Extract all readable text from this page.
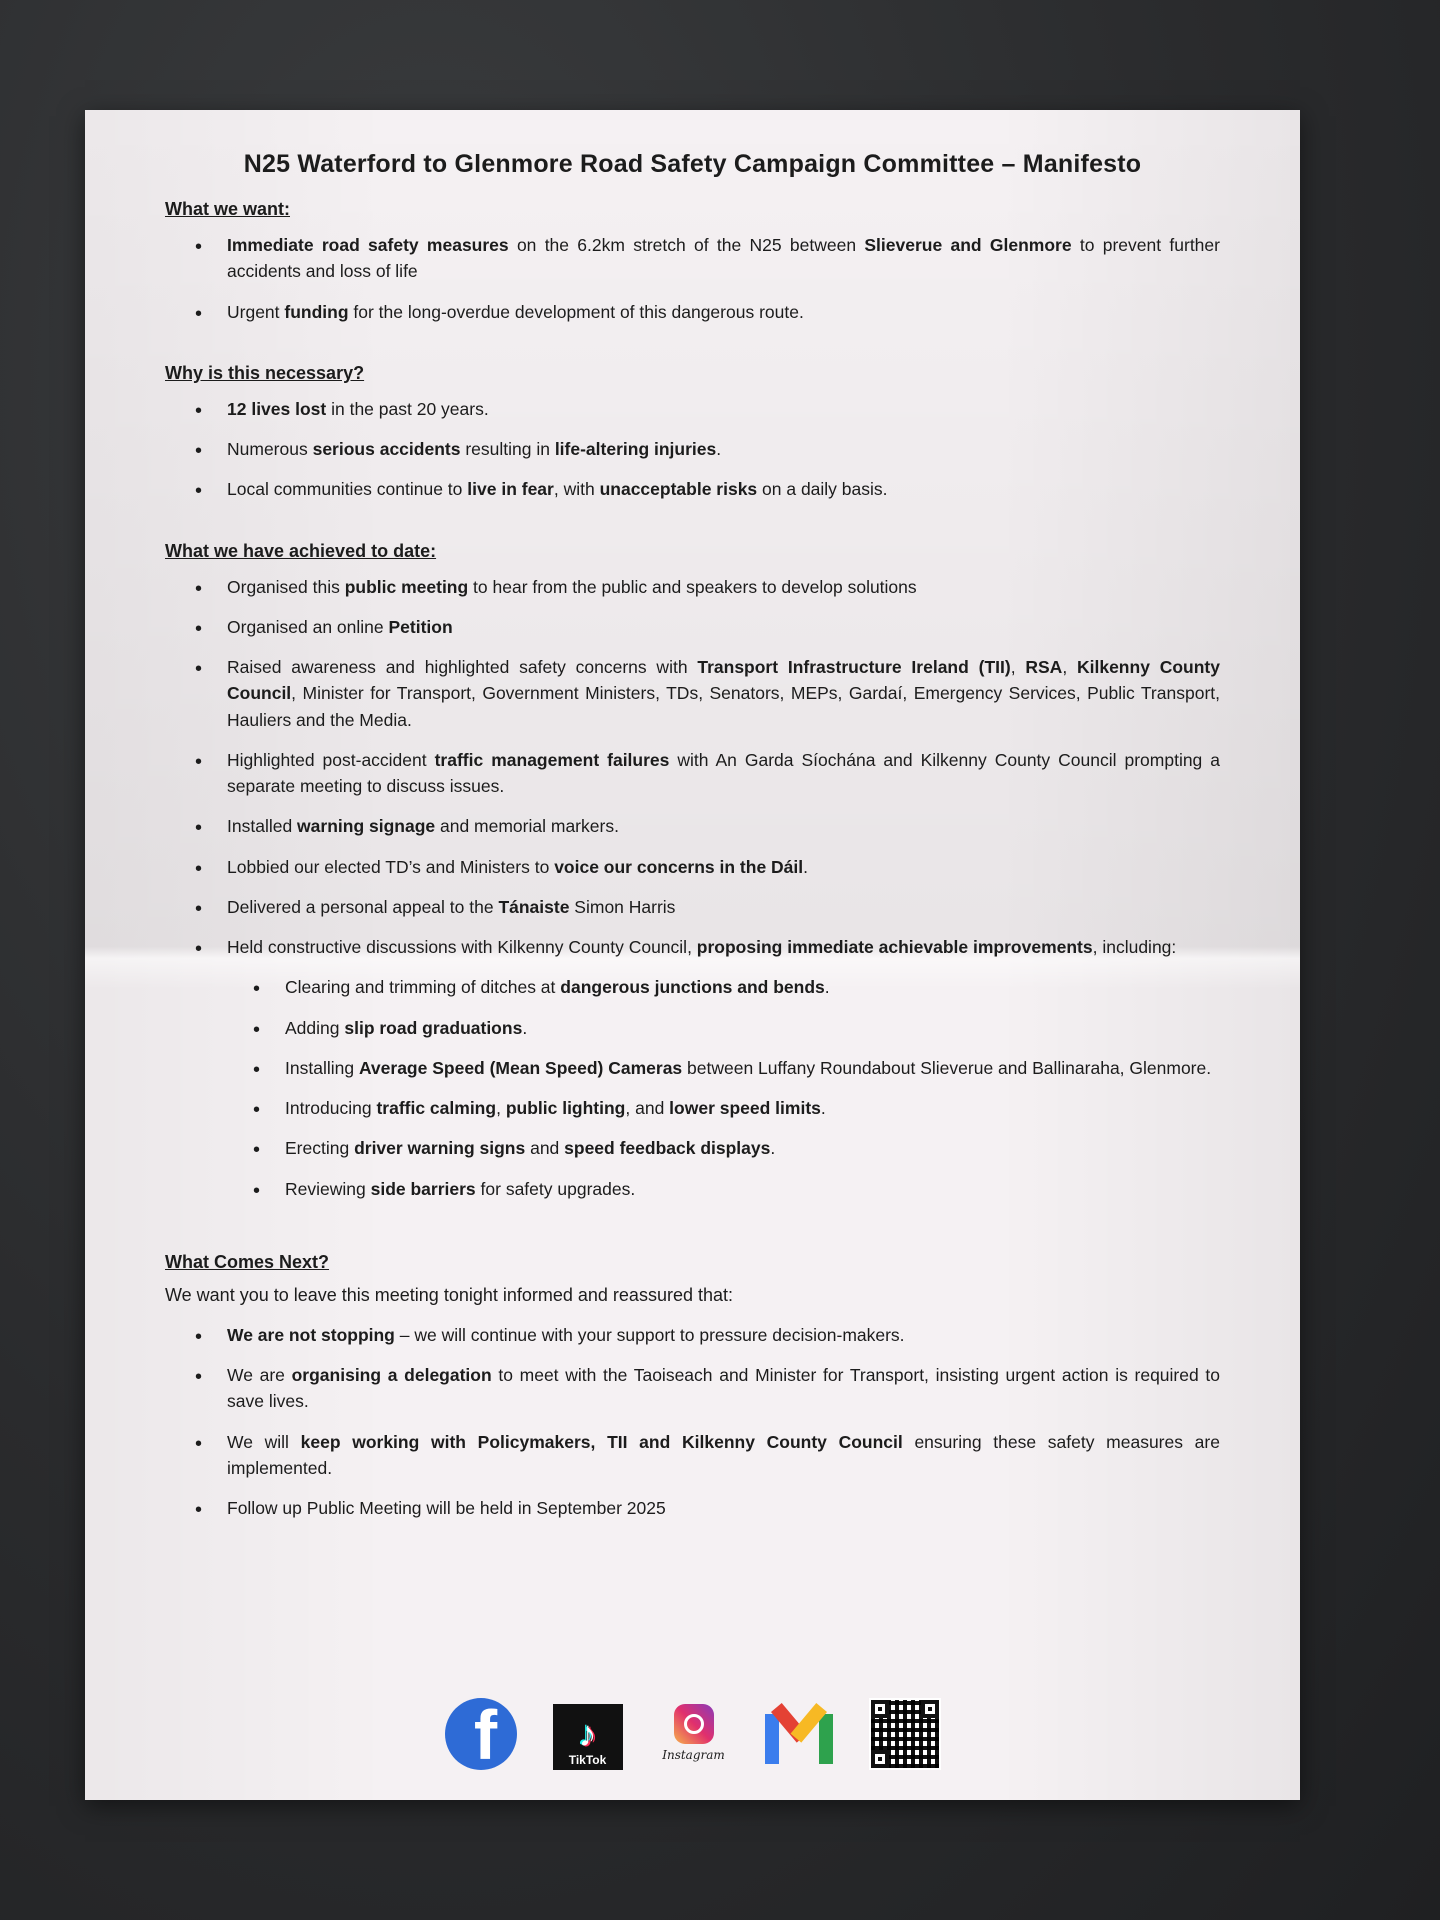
N25 Waterford to Glenmore Road Safety Campaign Committee – Manifesto
What we want:
• Immediate road safety measures on the 6.2km stretch of the N25 between Slieverue and Glenmore to prevent further accidents and loss of life
• Urgent funding for the long-overdue development of this dangerous route.
Why is this necessary?
• 12 lives lost in the past 20 years.
• Numerous serious accidents resulting in life-altering injuries.
• Local communities continue to live in fear, with unacceptable risks on a daily basis.
What we have achieved to date:
• Organised this public meeting to hear from the public and speakers to develop solutions
• Organised an online Petition
• Raised awareness and highlighted safety concerns with Transport Infrastructure Ireland (TII), RSA, Kilkenny County Council, Minister for Transport, Government Ministers, TDs, Senators, MEPs, Gardaí, Emergency Services, Public Transport, Hauliers and the Media.
• Highlighted post-accident traffic management failures with An Garda Síochána and Kilkenny County Council prompting a separate meeting to discuss issues.
• Installed warning signage and memorial markers.
• Lobbied our elected TD’s and Ministers to voice our concerns in the Dáil.
• Delivered a personal appeal to the Tánaiste Simon Harris
• Held constructive discussions with Kilkenny County Council, proposing immediate achievable improvements, including:
• Clearing and trimming of ditches at dangerous junctions and bends.
• Adding slip road graduations.
• Installing Average Speed (Mean Speed) Cameras between Luffany Roundabout Slieverue and Ballinaraha, Glenmore.
• Introducing traffic calming, public lighting, and lower speed limits.
• Erecting driver warning signs and speed feedback displays.
• Reviewing side barriers for safety upgrades.
What Comes Next?

We want you to leave this meeting tonight informed and reassured that:

• We are not stopping – we will continue with your support to pressure decision-makers.
• We are organising a delegation to meet with the Taoiseach and Minister for Transport, insisting urgent action is required to save lives.
• We will keep working with Policymakers, TII and Kilkenny County Council ensuring these safety measures are implemented.
• Follow up Public Meeting will be held in September 2025
f ♪
TikTok	Instagram
